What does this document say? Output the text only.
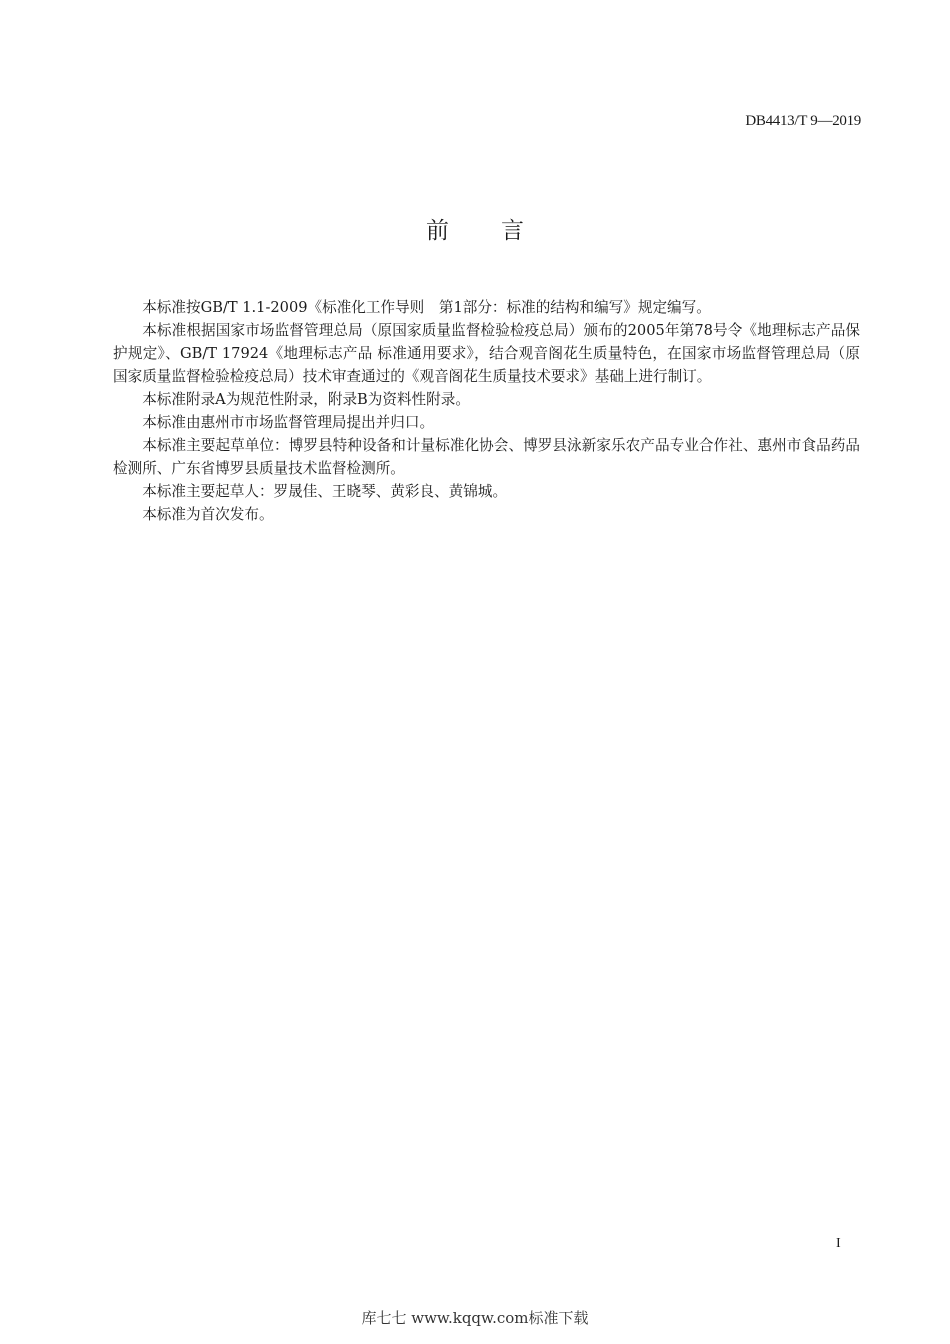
DB4413/T 9—2019
前 言

本标准按GB/T 1.1-2009《标准化工作导则　第1部分：标准的结构和编写》规定编写。

本标准根据国家市场监督管理总局（原国家质量监督检验检疫总局）颁布的2005年第78号令《地理标志产品保护规定》、GB/T 17924《地理标志产品 标准通用要求》，结合观音阁花生质量特色，在国家市场监督管理总局（原国家质量监督检验检疫总局）技术审查通过的《观音阁花生质量技术要求》基础上进行制订。

本标准附录A为规范性附录，附录B为资料性附录。

本标准由惠州市市场监督管理局提出并归口。

本标准主要起草单位：博罗县特种设备和计量标准化协会、博罗县泳新家乐农产品专业合作社、惠州市食品药品检测所、广东省博罗县质量技术监督检测所。

本标准主要起草人：罗晟佳、王晓琴、黄彩良、黄锦城。

本标准为首次发布。

I
库七七 www.kqqw.com标准下载
